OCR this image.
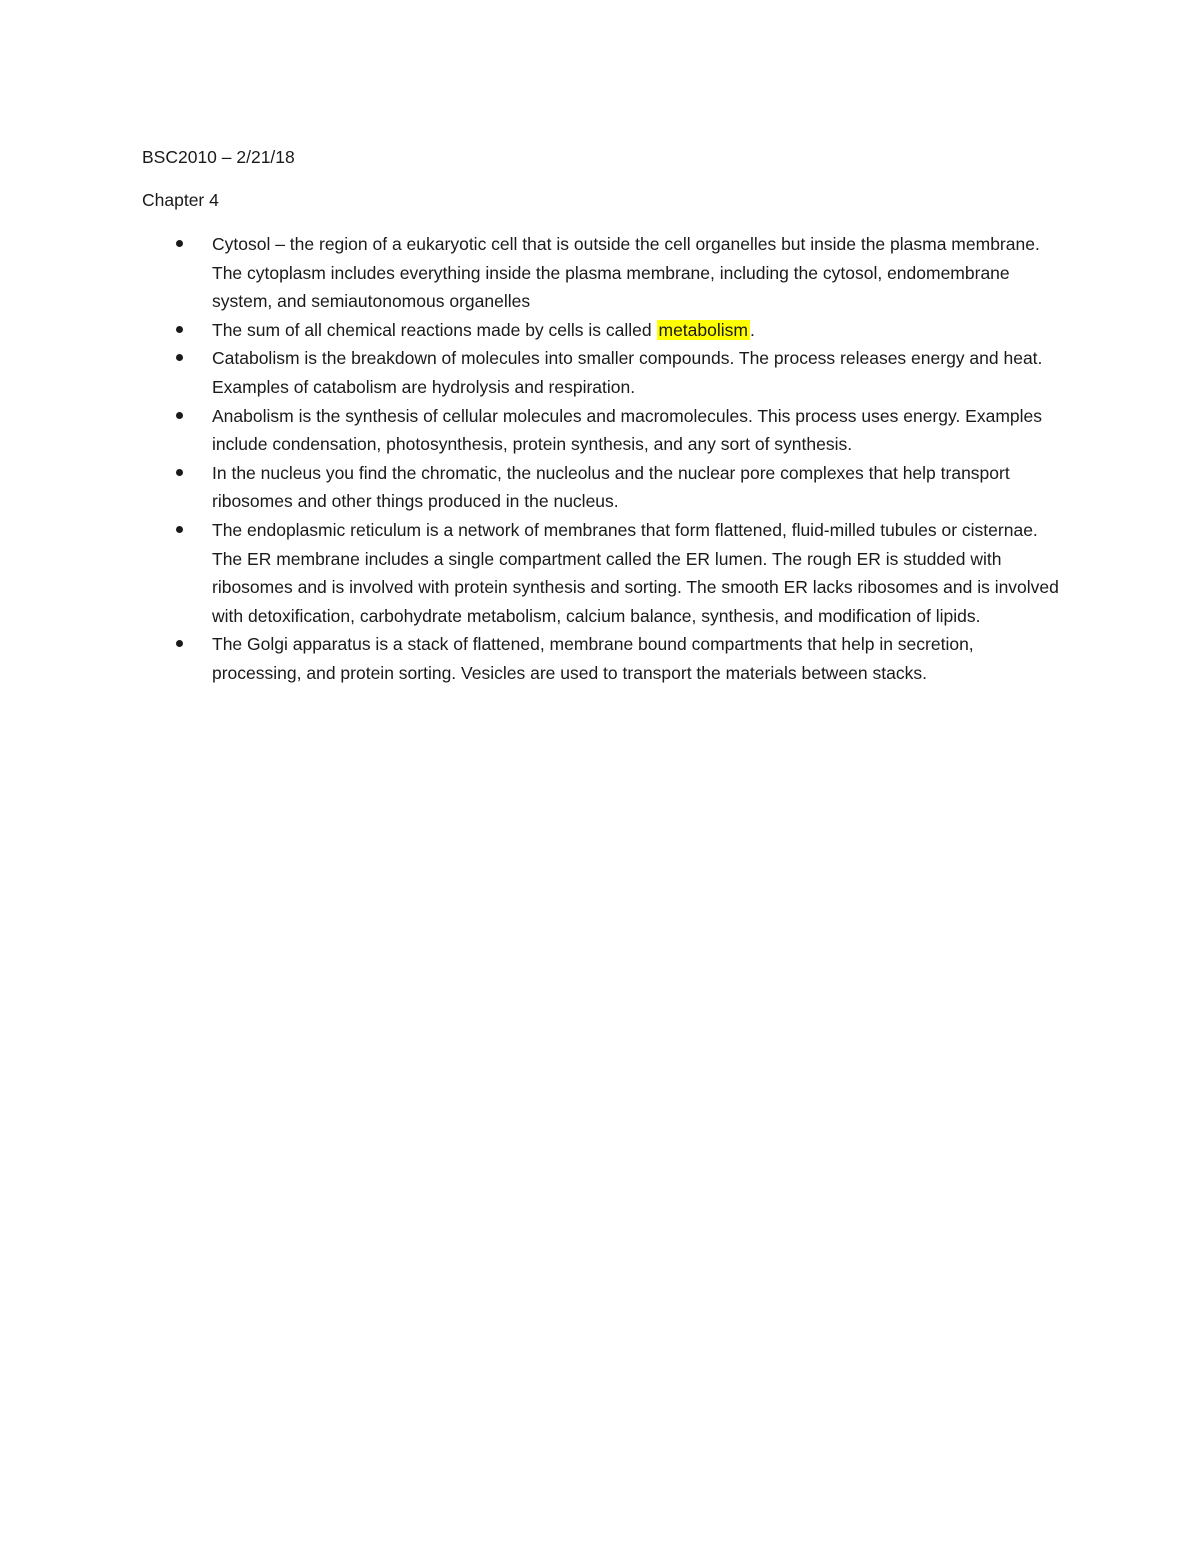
BSC2010 – 2/21/18
Chapter 4
Cytosol – the region of a eukaryotic cell that is outside the cell organelles but inside the plasma membrane. The cytoplasm includes everything inside the plasma membrane, including the cytosol, endomembrane system, and semiautonomous organelles
The sum of all chemical reactions made by cells is called metabolism .
Catabolism is the breakdown of molecules into smaller compounds. The process releases energy and heat. Examples of catabolism are hydrolysis and respiration.
Anabolism is the synthesis of cellular molecules and macromolecules. This process uses energy. Examples include condensation, photosynthesis, protein synthesis, and any sort of synthesis.
In the nucleus you find the chromatic, the nucleolus and the nuclear pore complexes that help transport ribosomes and other things produced in the nucleus.
The endoplasmic reticulum is a network of membranes that form flattened, fluid-milled tubules or cisternae. The ER membrane includes a single compartment called the ER lumen. The rough ER is studded with ribosomes and is involved with protein synthesis and sorting. The smooth ER lacks ribosomes and is involved with detoxification, carbohydrate metabolism, calcium balance, synthesis, and modification of lipids.
The Golgi apparatus is a stack of flattened, membrane bound compartments that help in secretion, processing, and protein sorting. Vesicles are used to transport the materials between stacks.
